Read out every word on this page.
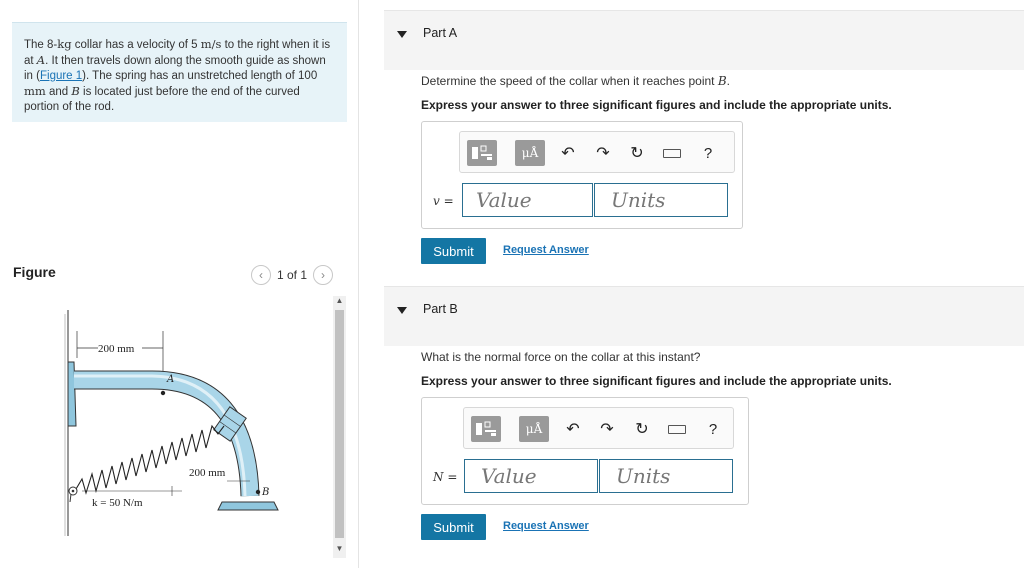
The 8-kg collar has a velocity of 5 m/s to the right when it is at A. It then travels down along the smooth guide as shown in (Figure 1). The spring has an unstretched length of 100 mm and B is located just before the end of the curved portion of the rod.
Figure	‹ 1 of 1 ›
200 mm
A
B
200 mm
k = 50 N/m
▲
▼
Part A
Determine the speed of the collar when it reaches point B.
Express your answer to three significant figures and include the appropriate units.
μÅ	↶ ↷ ↻	?
v =	Value	Units
Submit	Request Answer
Part B
What is the normal force on the collar at this instant?
Express your answer to three significant figures and include the appropriate units.
μÅ	↶ ↷ ↻	?
N =	Value	Units
Submit	Request Answer
